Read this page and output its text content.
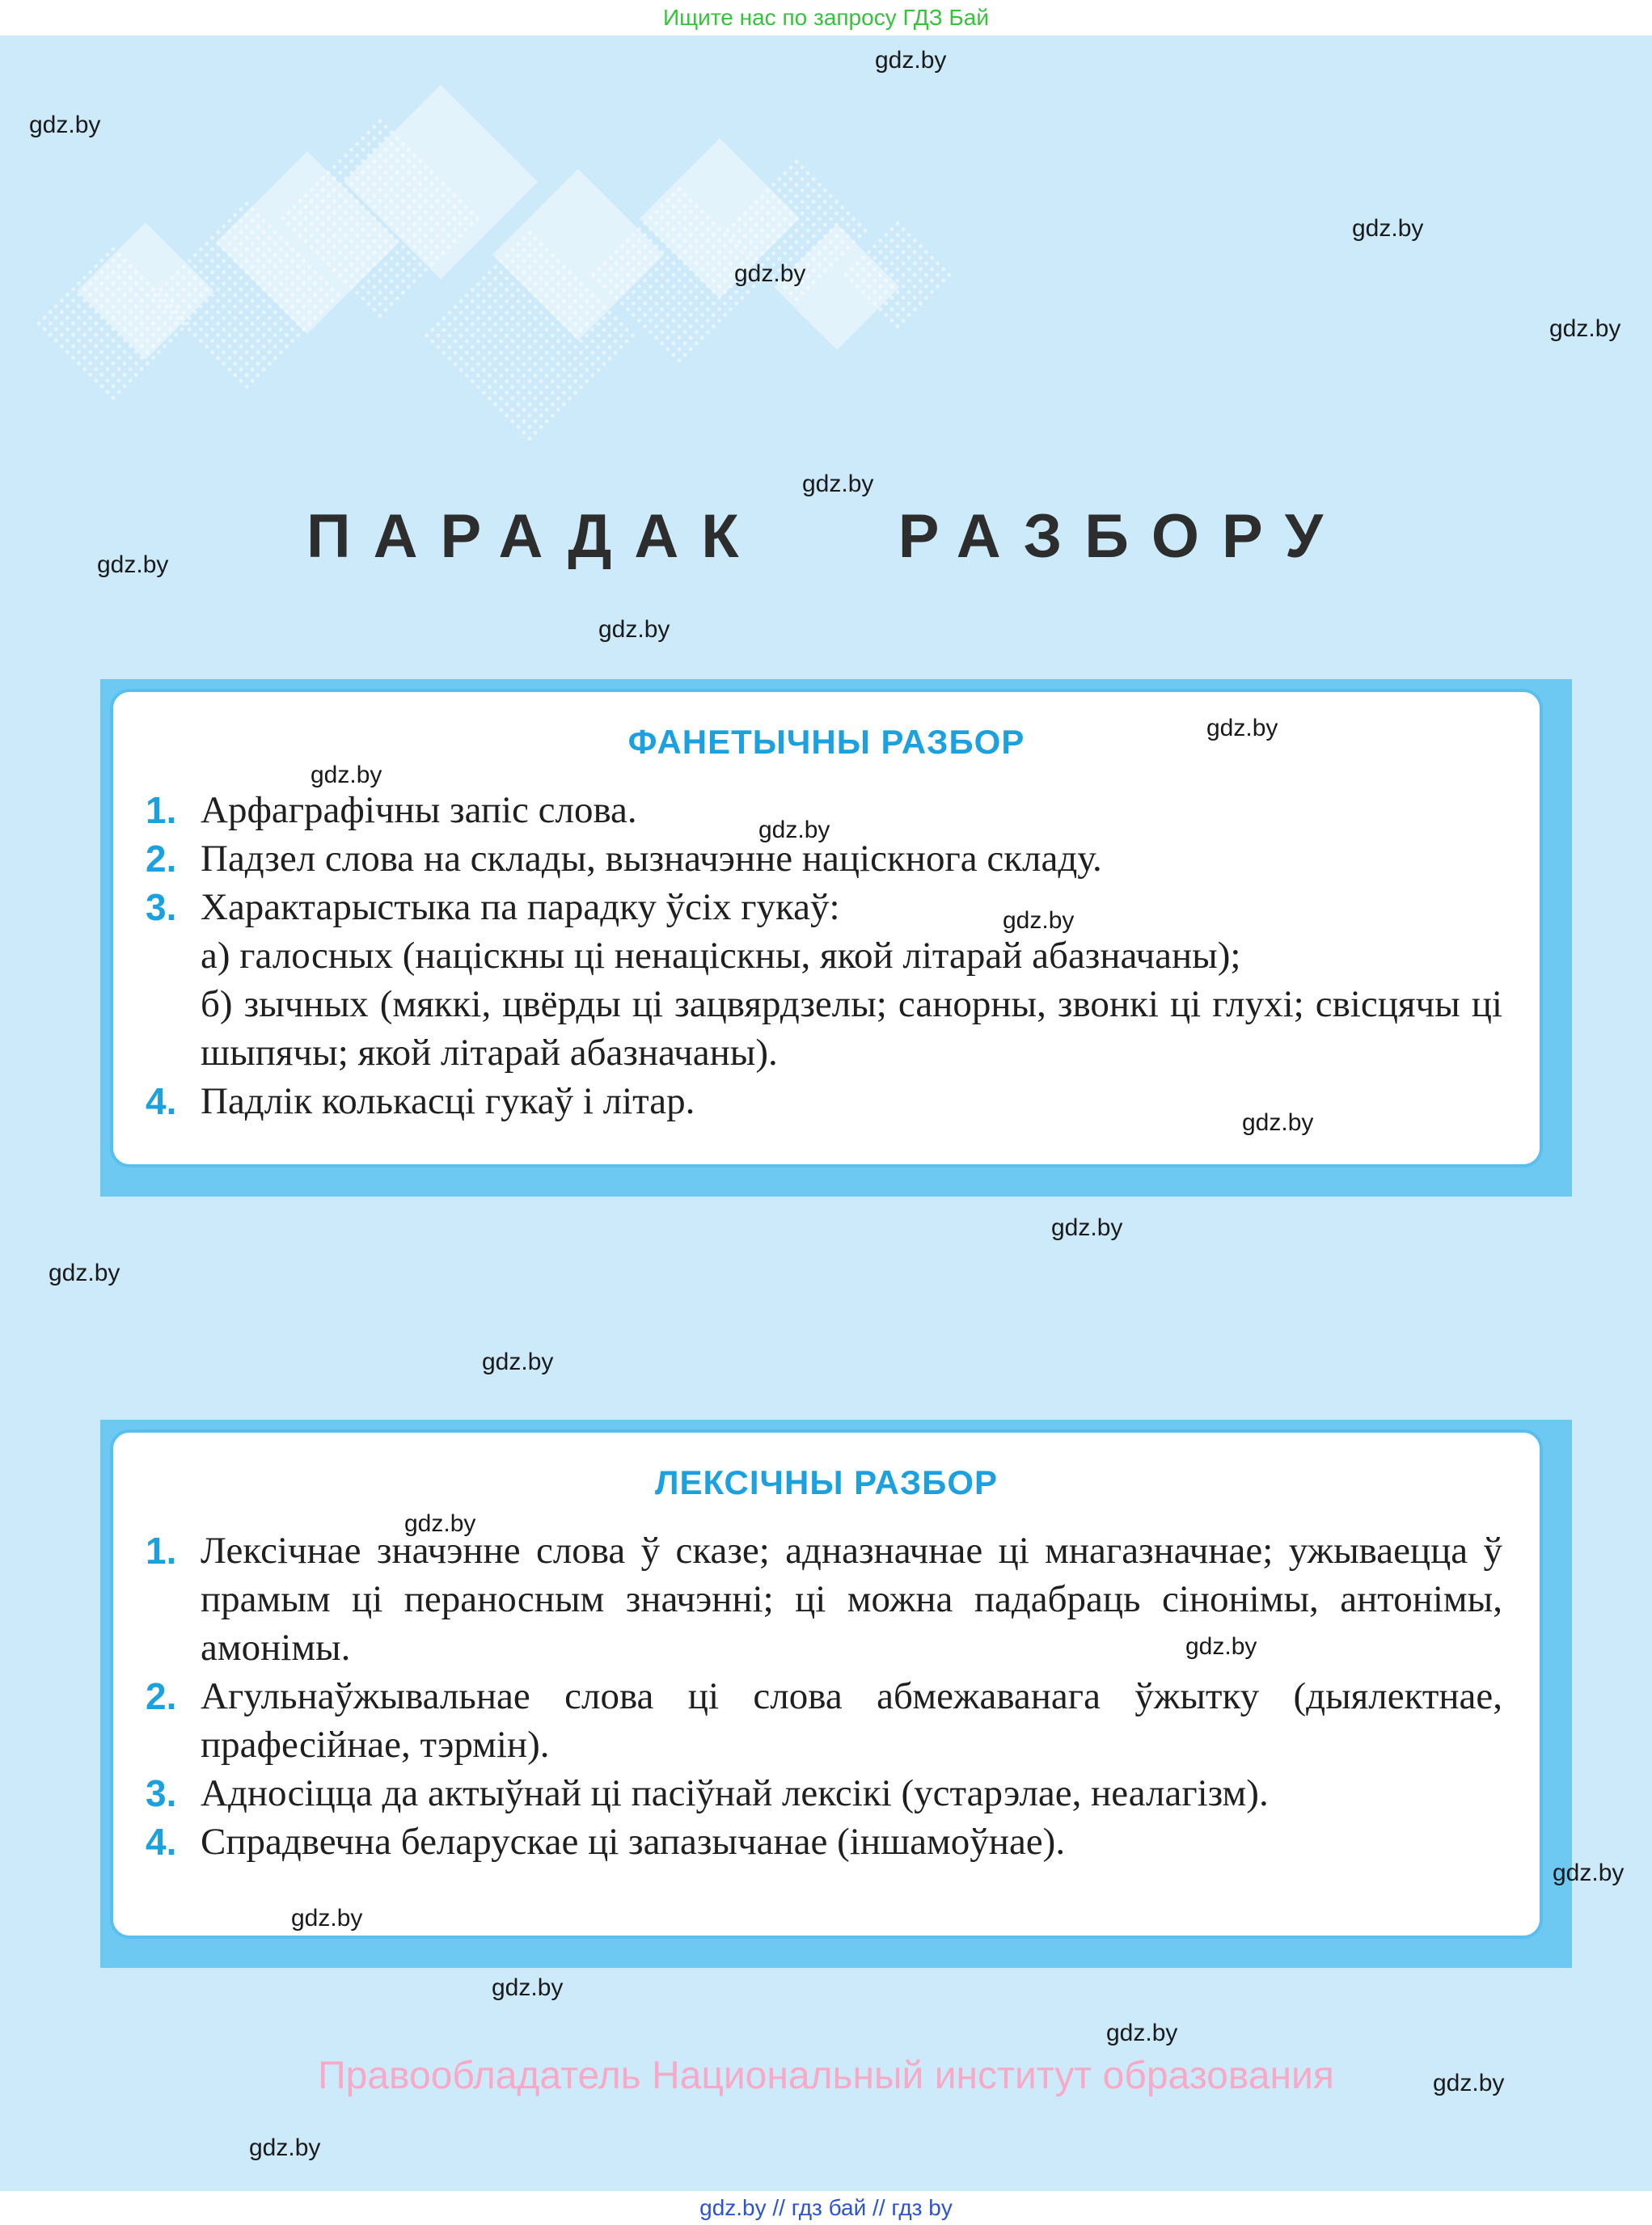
Ищите нас по запросу ГДЗ Бай
ПАРАДАК РАЗБОРУ
ФАНЕТЫЧНЫ РАЗБОР
1. Арфаграфічны запіс слова.
2. Падзел слова на склады, вызначэнне націскнога складу.
3. Характарыстыка па парадку ўсіх гукаў:
а) галосных (націскны ці ненаціскны, якой літарай абазначаны);
б) зычных (мяккі, цвёрды ці зацвярдзелы; санорны, звонкі ці глухі; свісцячы ці шыпячы; якой літарай абазначаны).
4. Падлік колькасці гукаў і літар.
ЛЕКСІЧНЫ РАЗБОР
1. Лексічнае значэнне слова ў сказе; адназначнае ці мнагазначнае; ужываецца ў прамым ці пераносным значэнні; ці можна падабраць сінонімы, антонімы, амонімы.
2. Агульнаўжывальнае слова ці слова абмежаванага ўжытку (дыялектнае, прафесійнае, тэрмін).
3. Адносіцца да актыўнай ці пасіўнай лексікі (устарэлае, неалагізм).
4. Спрадвечна беларускае ці запазычанае (іншамоўнае).
gdz.by
gdz.by
gdz.by
gdz.by
gdz.by
gdz.by
gdz.by
gdz.by
gdz.by
gdz.by
gdz.by
gdz.by
gdz.by
gdz.by
gdz.by
gdz.by
gdz.by
gdz.by
gdz.by
gdz.by
gdz.by
gdz.by
gdz.by
gdz.by
Правообладатель Национальный институт образования
gdz.by // гдз бай // гдз by
